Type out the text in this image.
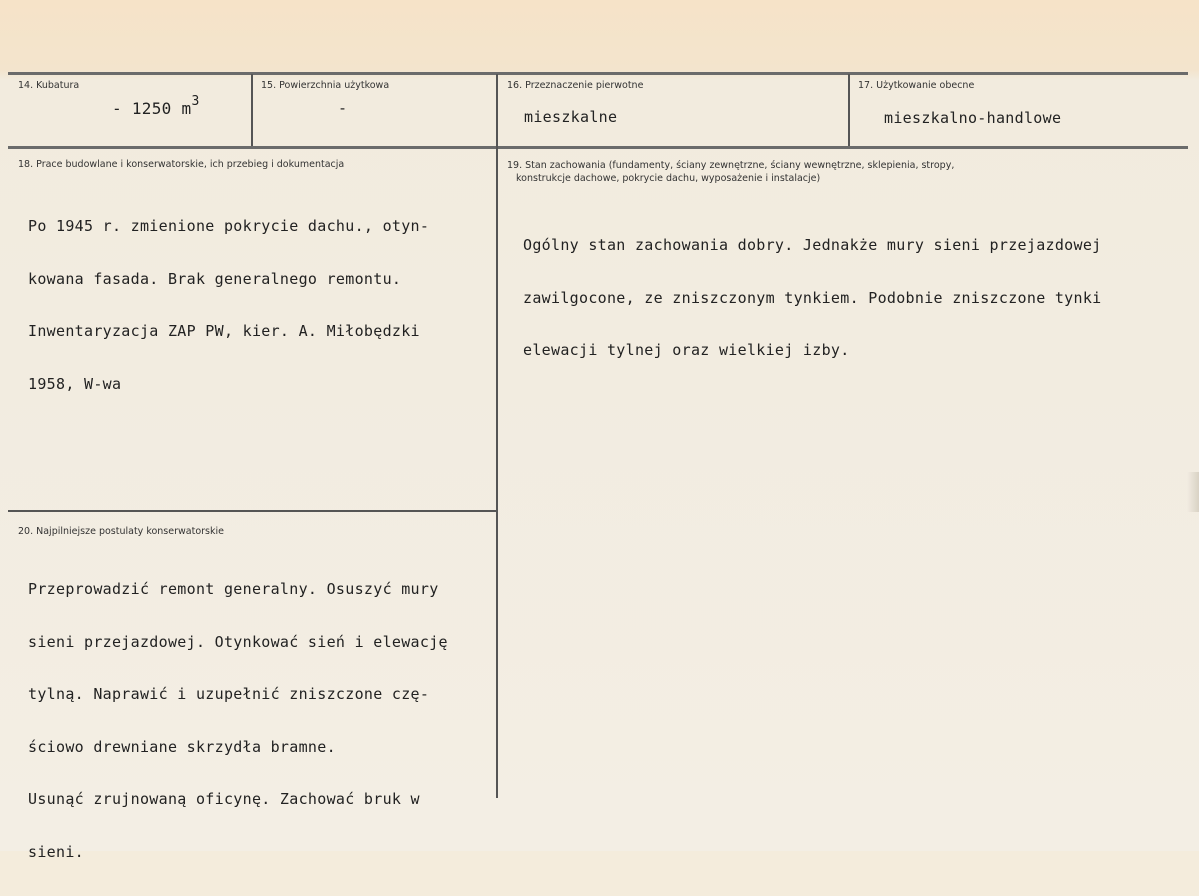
14. Kubatura
- 1250 $m^3$
15. Powierzchnia użytkowa
-
16. Przeznaczenie pierwotne
mieszkalne
17. Użytkowanie obecne
mieszkalno-handlowe
18. Prace budowlane i konserwatorskie, ich przebieg i dokumentacja

Po 1945 r. zmienione pokrycie dachu., otyn-

kowana fasada. Brak generalnego remontu.

Inwentaryzacja ZAP PW, kier. A. Miłobędzki

1958, W-wa

19. Stan zachowania (fundamenty, ściany zewnętrzne, ściany wewnętrzne, sklepienia, stropy,
konstrukcje dachowe, pokrycie dachu, wyposażenie i instalacje)

Ogólny stan zachowania dobry. Jednakże mury sieni przejazdowej

zawilgocone, ze zniszczonym tynkiem. Podobnie zniszczone tynki

elewacji tylnej oraz wielkiej izby.

20. Najpilniejsze postulaty konserwatorskie

Przeprowadzić remont generalny. Osuszyć mury

sieni przejazdowej. Otynkować sień i elewację

tylną. Naprawić i uzupełnić zniszczone czę-

ściowo drewniane skrzydła bramne.

Usunąć zrujnowaną oficynę. Zachować bruk w

sieni.
